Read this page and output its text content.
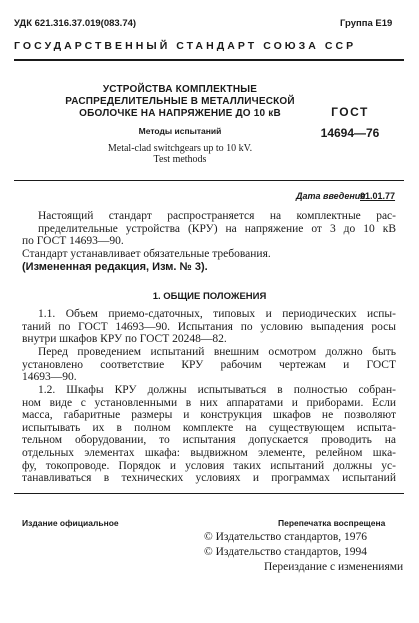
УДК 621.316.37.019(083.74)	Группа Е19
ГОСУДАРСТВЕННЫЙ СТАНДАРТ СОЮЗА ССР
УСТРОЙСТВА КОМПЛЕКТНЫЕ
РАСПРЕДЕЛИТЕЛЬНЫЕ В МЕТАЛЛИЧЕСКОЙ
ОБОЛОЧКЕ НА НАПРЯЖЕНИЕ ДО 10 кВ
Методы испытаний
Metal-clad switchgears up to 10 kV.
Test methods
ГОСТ
14694—76
Дата введения
01.01.77
Настоящий стандарт распространяется на комплектные рас-
пределительные устройства (КРУ) на напряжение от 3 до 10 кВ
по ГОСТ 14693—90.
Стандарт устанавливает обязательные требования.
(Измененная редакция, Изм. № 3).
1. ОБЩИЕ ПОЛОЖЕНИЯ
1.1. Объем приемо-сдаточных, типовых и периодических испы-
таний по ГОСТ 14693—90. Испытания по условию выпадения росы
внутри шкафов КРУ по ГОСТ 20248—82.
Перед проведением испытаний внешним осмотром должно быть
установлено соответствие КРУ рабочим чертежам и ГОСТ
14693—90.
1.2. Шкафы КРУ должны испытываться в полностью собран-
ном виде с установленными в них аппаратами и приборами. Если
масса, габаритные размеры и конструкция шкафов не позволяют
испытывать их в полном комплекте на существующем испыта-
тельном оборудовании, то испытания допускается проводить на
отдельных элементах шкафа: выдвижном элементе, релейном шка-
фу, токопроводе. Порядок и условия таких испытаний должны ус-
танавливаться в технических условиях и программах испытаний
Издание официальное	Перепечатка воспрещена
© Издательство стандартов, 1976
© Издательство стандартов, 1994
Переиздание с изменениями
